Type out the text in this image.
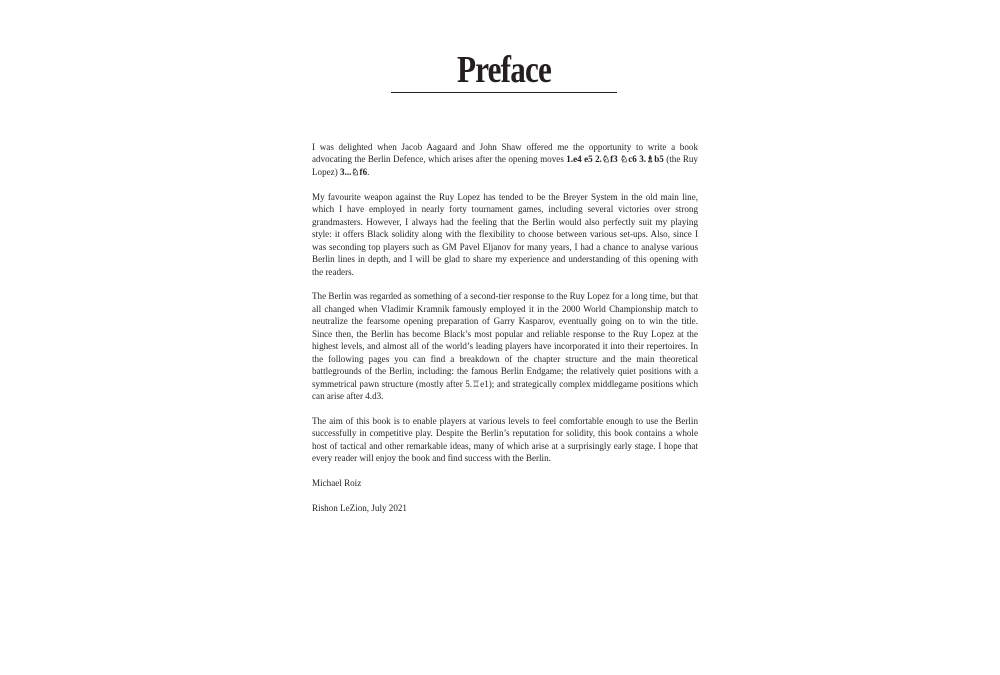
Preface

I was delighted when Jacob Aagaard and John Shaw offered me the opportunity to write a book advocating the Berlin Defence, which arises after the opening moves 1.e4 e5 2.♘f3 ♘c6 3.♗b5 (the Ruy Lopez) 3...♘f6.

My favourite weapon against the Ruy Lopez has tended to be the Breyer System in the old main line, which I have employed in nearly forty tournament games, including several victories over strong grandmasters. However, I always had the feeling that the Berlin would also perfectly suit my playing style: it offers Black solidity along with the flexibility to choose between various set-ups. Also, since I was seconding top players such as GM Pavel Eljanov for many years, I had a chance to analyse various Berlin lines in depth, and I will be glad to share my experience and understanding of this opening with the readers.

The Berlin was regarded as something of a second-tier response to the Ruy Lopez for a long time, but that all changed when Vladimir Kramnik famously employed it in the 2000 World Championship match to neutralize the fearsome opening preparation of Garry Kasparov, eventually going on to win the title. Since then, the Berlin has become Black’s most popular and reliable response to the Ruy Lopez at the highest levels, and almost all of the world’s leading players have incorporated it into their repertoires. In the following pages you can find a breakdown of the chapter structure and the main theoretical battlegrounds of the Berlin, including: the famous Berlin Endgame; the relatively quiet positions with a symmetrical pawn structure (mostly after 5.♖e1); and strategically complex middlegame positions which can arise after 4.d3.

The aim of this book is to enable players at various levels to feel comfortable enough to use the Berlin successfully in competitive play. Despite the Berlin’s reputation for solidity, this book contains a whole host of tactical and other remarkable ideas, many of which arise at a surprisingly early stage. I hope that every reader will enjoy the book and find success with the Berlin.

Michael Roiz

Rishon LeZion, July 2021
